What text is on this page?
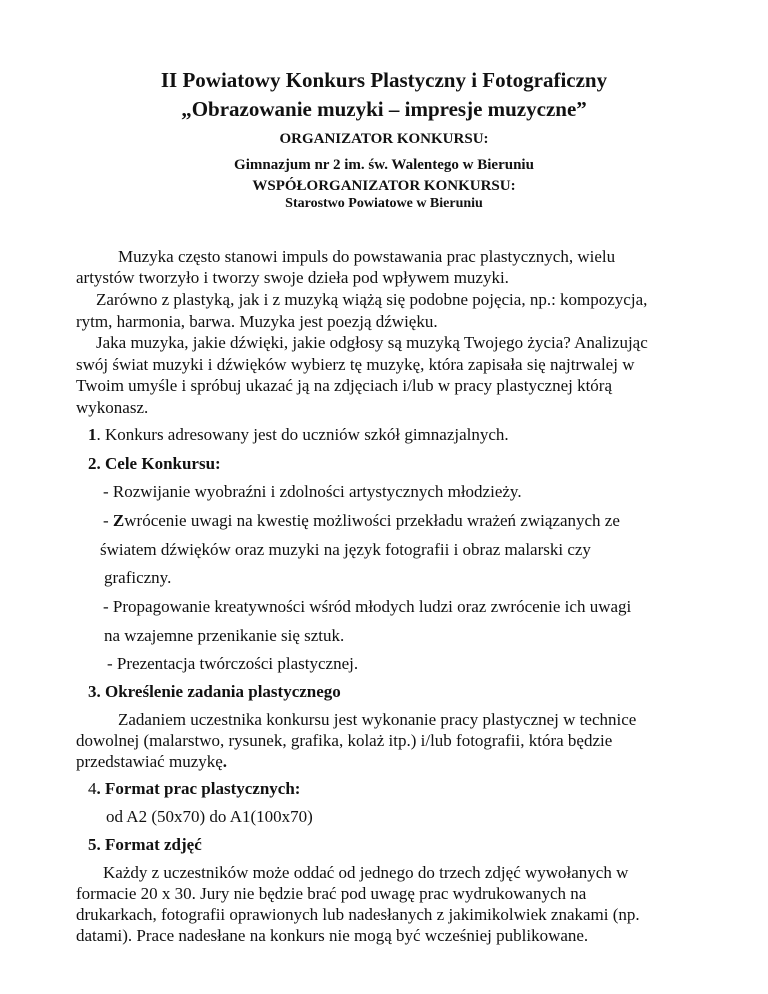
II Powiatowy Konkurs Plastyczny i Fotograficzny
„Obrazowanie muzyki – impresje muzyczne”
ORGANIZATOR KONKURSU:
Gimnazjum nr 2 im. św. Walentego w Bieruniu
WSPÓŁORGANIZATOR KONKURSU:
Starostwo Powiatowe w Bieruniu
Muzyka często stanowi impuls do powstawania prac plastycznych, wielu
artystów tworzyło i tworzy swoje dzieła pod wpływem muzyki.
Zarówno z plastyką, jak i z muzyką wiążą się podobne pojęcia, np.: kompozycja,
rytm, harmonia, barwa. Muzyka jest poezją dźwięku.
Jaka muzyka, jakie dźwięki, jakie odgłosy są muzyką Twojego życia? Analizując
swój świat muzyki i dźwięków wybierz tę muzykę, która zapisała się najtrwalej w
Twoim umyśle i spróbuj ukazać ją na zdjęciach i/lub w pracy plastycznej którą
wykonasz.
1. Konkurs adresowany jest do uczniów szkół gimnazjalnych.
2. Cele Konkursu:
- Rozwijanie wyobraźni i zdolności artystycznych młodzieży.
- Zwrócenie uwagi na kwestię możliwości przekładu wrażeń związanych ze
światem dźwięków oraz muzyki na język fotografii i obraz malarski czy
graficzny.
- Propagowanie kreatywności wśród młodych ludzi oraz zwrócenie ich uwagi
na wzajemne przenikanie się sztuk.
- Prezentacja twórczości plastycznej.
3. Określenie zadania plastycznego
Zadaniem uczestnika konkursu jest wykonanie pracy plastycznej w technice
dowolnej (malarstwo, rysunek, grafika, kolaż itp.) i/lub fotografii, która będzie
przedstawiać muzykę.
4. Format prac plastycznych:
od A2 (50x70) do A1(100x70)
5. Format zdjęć
Każdy z uczestników może oddać od jednego do trzech zdjęć wywołanych w
formacie 20 x 30. Jury nie będzie brać pod uwagę prac wydrukowanych na
drukarkach, fotografii oprawionych lub nadesłanych z jakimikolwiek znakami (np.
datami). Prace nadesłane na konkurs nie mogą być wcześniej publikowane.
